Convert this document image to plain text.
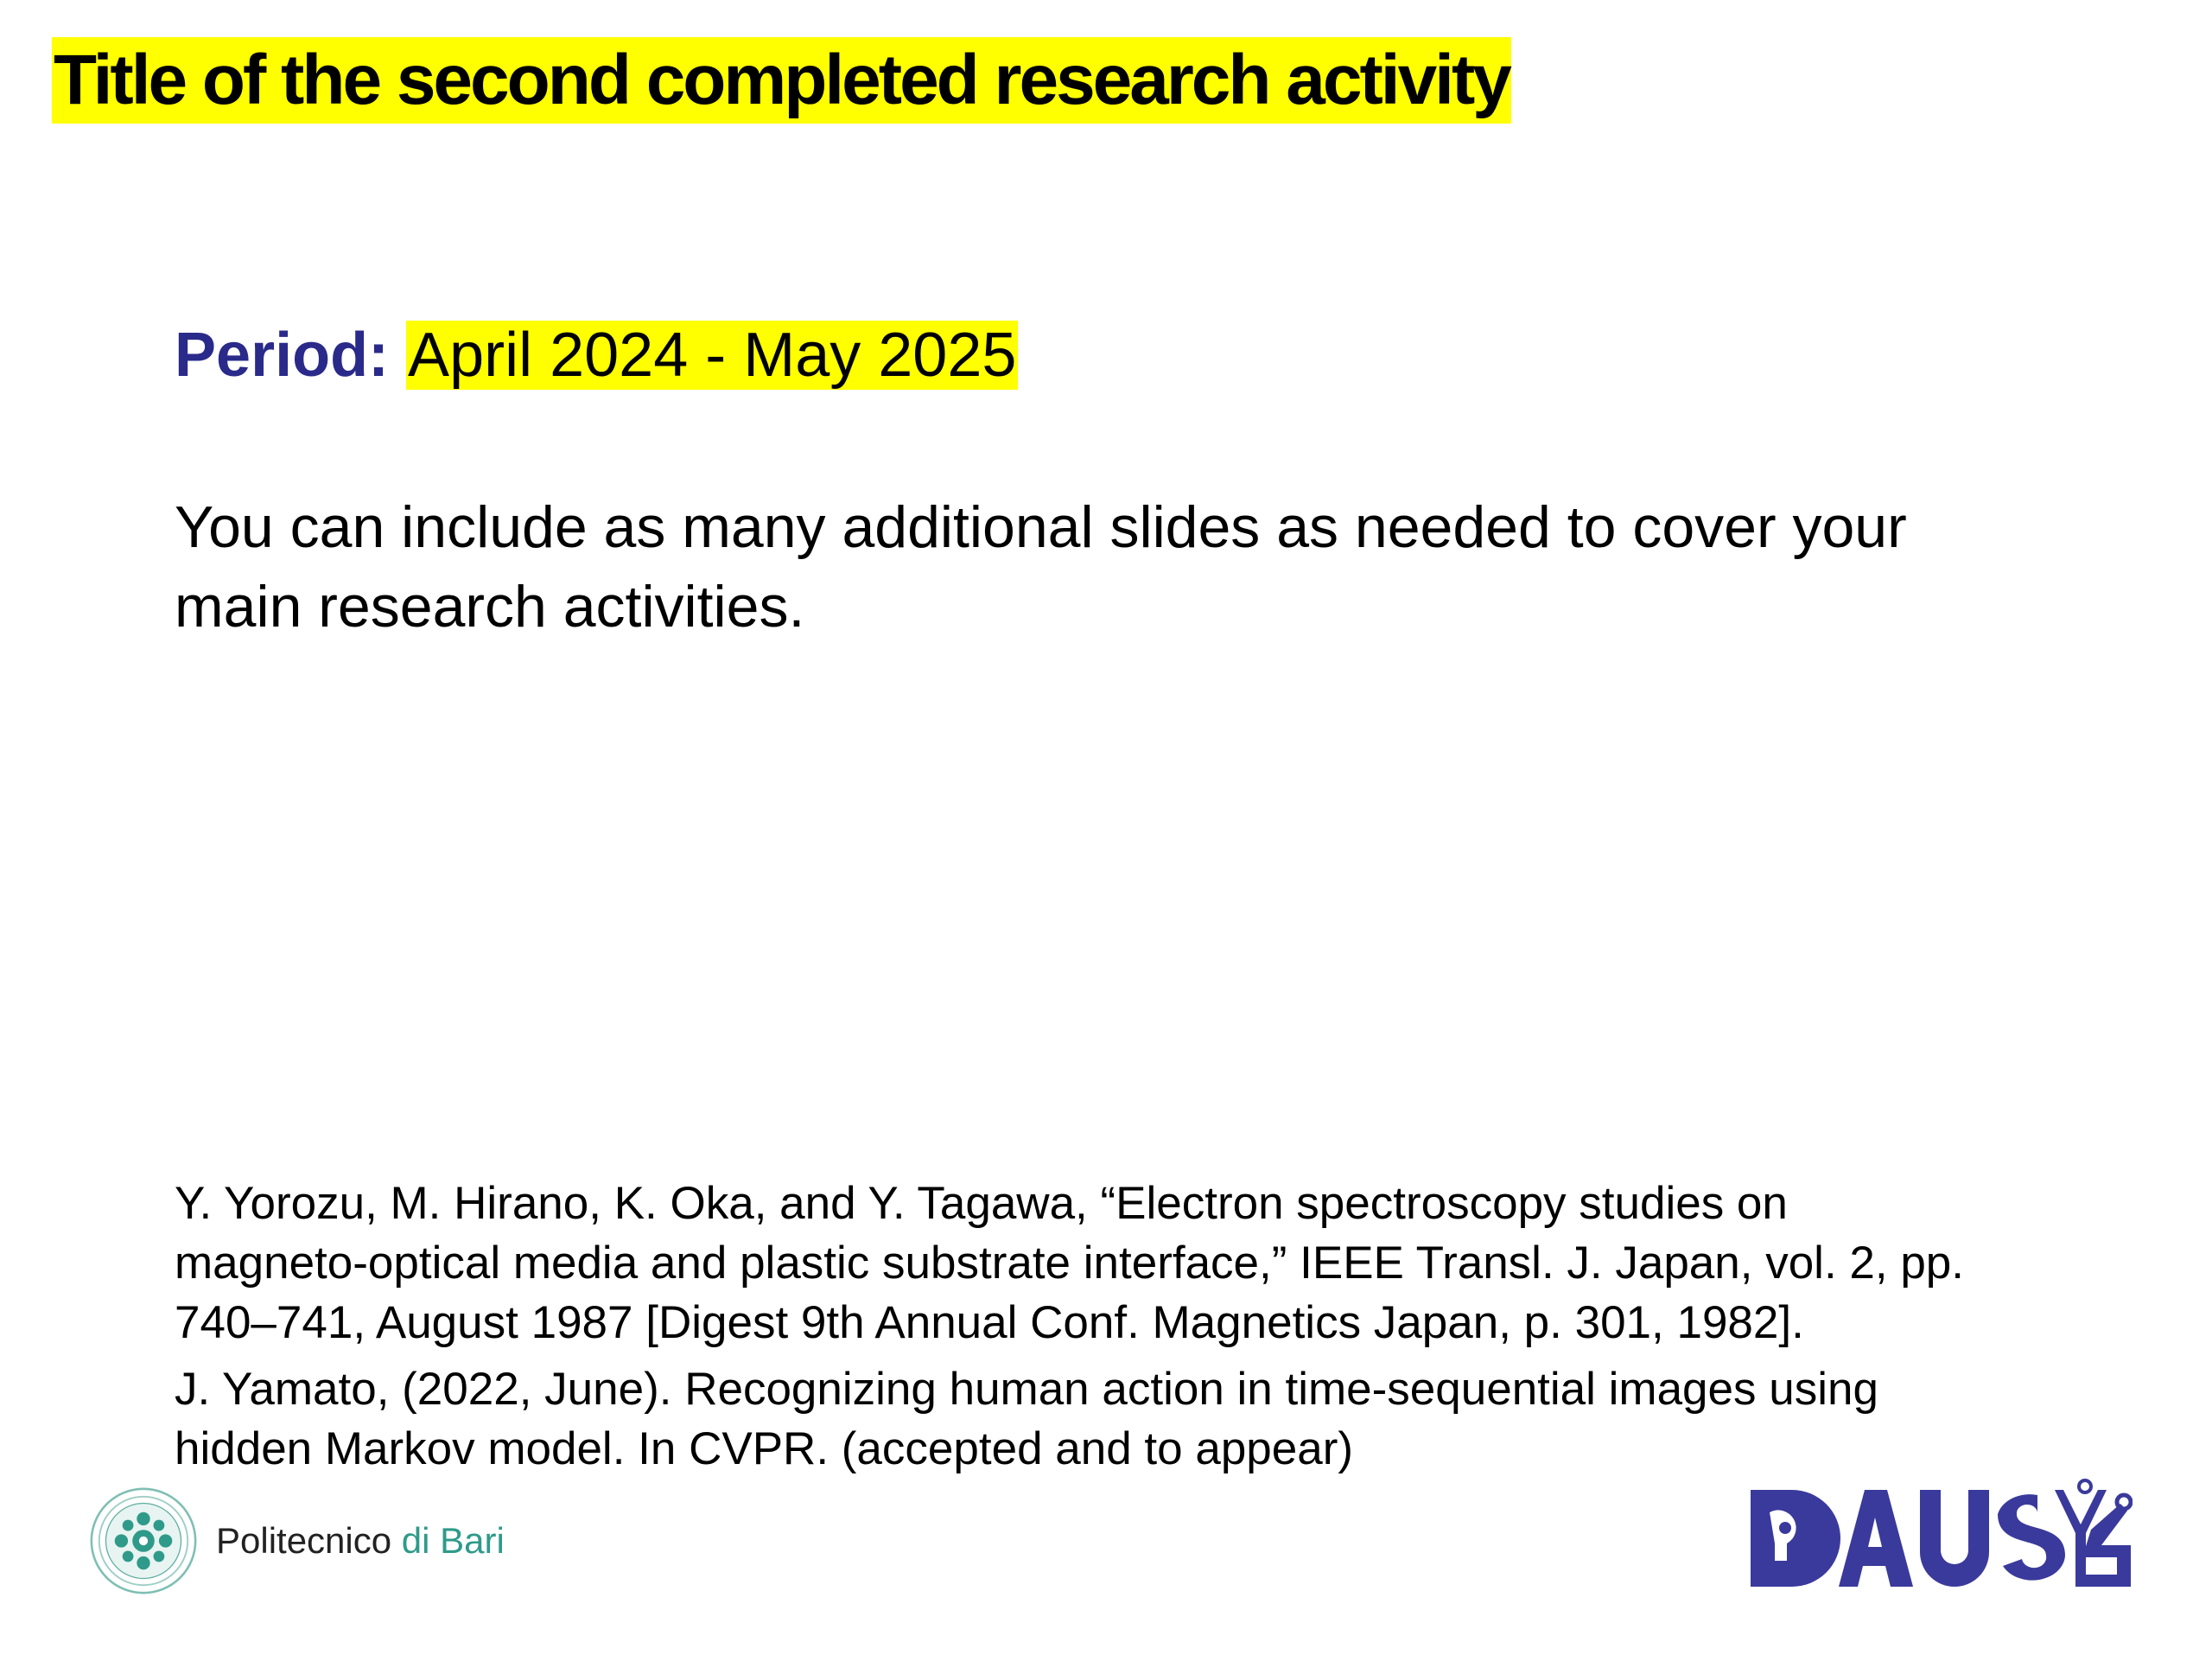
Title of the second completed research activity
Period: April 2024 - May 2025
You can include as many additional slides as needed to cover your
main research activities.

Y. Yorozu, M. Hirano, K. Oka, and Y. Tagawa, “Electron spectroscopy studies on
magneto-optical media and plastic substrate interface,” IEEE Transl. J. Japan, vol. 2, pp.
740–741, August 1987 [Digest 9th Annual Conf. Magnetics Japan, p. 301, 1982].

J. Yamato, (2022, June). Recognizing human action in time-sequential images using
hidden Markov model. In CVPR. (accepted and to appear)

Politecnico di Bari
